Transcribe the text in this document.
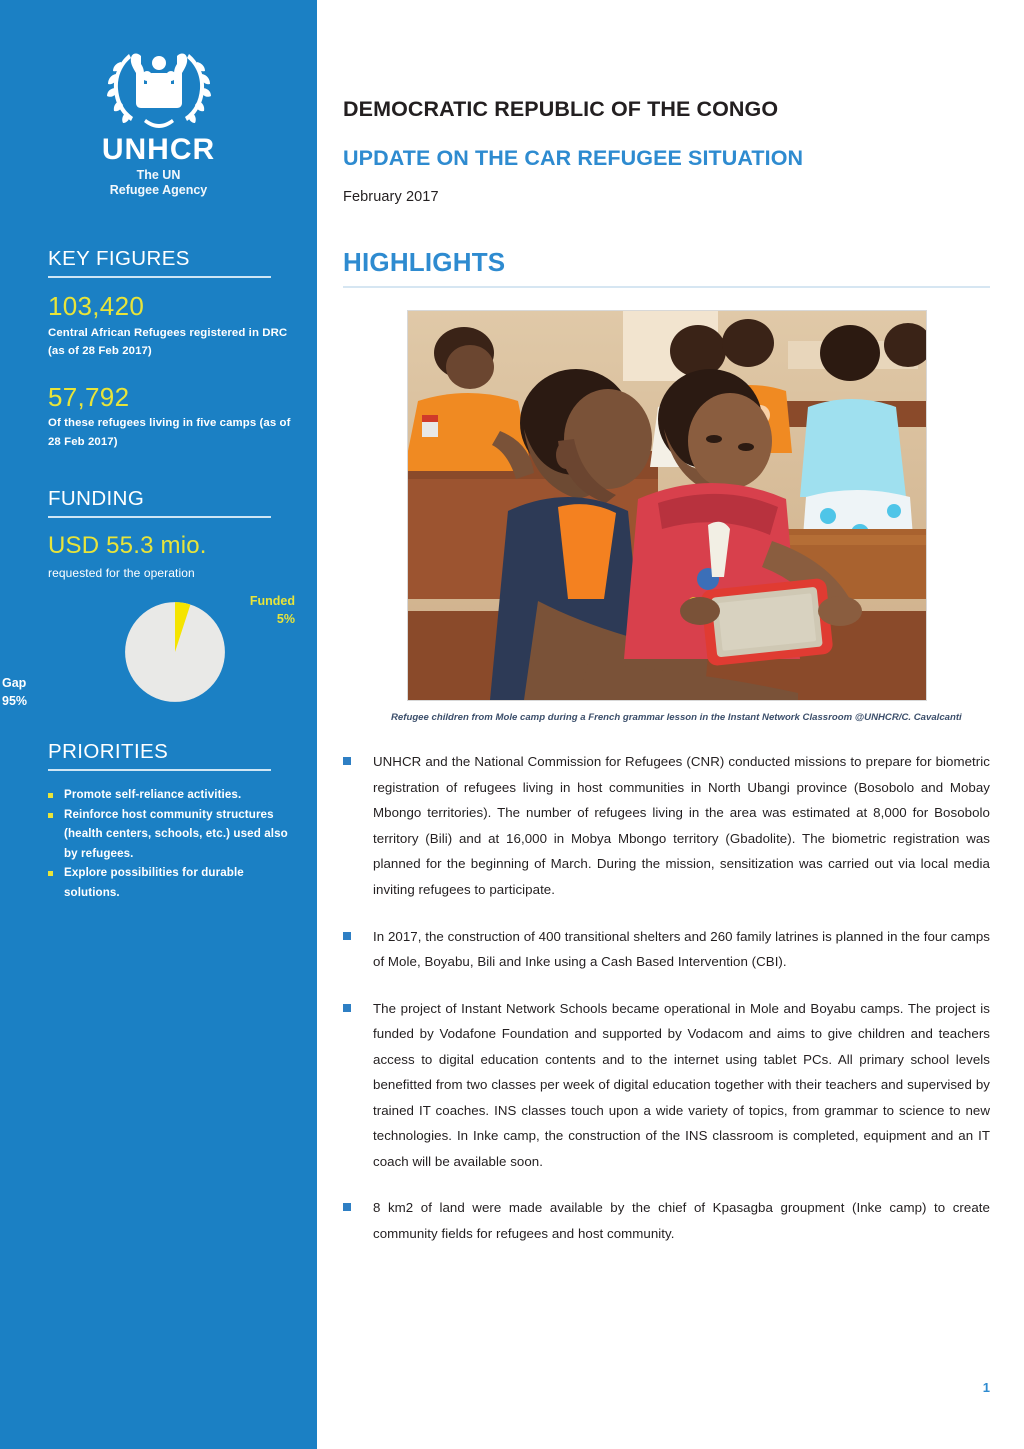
UNHCR
The UN
Refugee Agency
KEY FIGURES
103,420
Central African Refugees registered in DRC (as of 28 Feb 2017)
57,792
Of these refugees living in five camps (as of 28 Feb 2017)
FUNDING
USD 55.3 mio.
requested for the operation
Funded
5%
Gap
95%
PRIORITIES
Promote self-reliance activities.
Reinforce host community structures (health centers, schools, etc.) used also by refugees.
Explore possibilities for durable solutions.
DEMOCRATIC REPUBLIC OF THE CONGO
UPDATE ON THE CAR REFUGEE SITUATION
February 2017
HIGHLIGHTS
Refugee children from Mole camp during a French grammar lesson in the Instant Network Classroom @UNHCR/C. Cavalcanti

UNHCR and the National Commission for Refugees (CNR) conducted missions to prepare for biometric registration of refugees living in host communities in North Ubangi province (Bosobolo and Mobay Mbongo territories). The number of refugees living in the area was estimated at 8,000 for Bosobolo territory (Bili) and at 16,000 in Mobya Mbongo territory (Gbadolite). The biometric registration was planned for the beginning of March. During the mission, sensitization was carried out via local media inviting refugees to participate.

In 2017, the construction of 400 transitional shelters and 260 family latrines is planned in the four camps of Mole, Boyabu, Bili and Inke using a Cash Based Intervention (CBI).

The project of Instant Network Schools became operational in Mole and Boyabu camps. The project is funded by Vodafone Foundation and supported by Vodacom and aims to give children and teachers access to digital education contents and to the internet using tablet PCs. All primary school levels benefitted from two classes per week of digital education together with their teachers and supervised by trained IT coaches. INS classes touch upon a wide variety of topics, from grammar to science to new technologies. In Inke camp, the construction of the INS classroom is completed, equipment and an IT coach will be available soon.

8 km2 of land were made available by the chief of Kpasagba groupment (Inke camp) to create community fields for refugees and host community.

1
